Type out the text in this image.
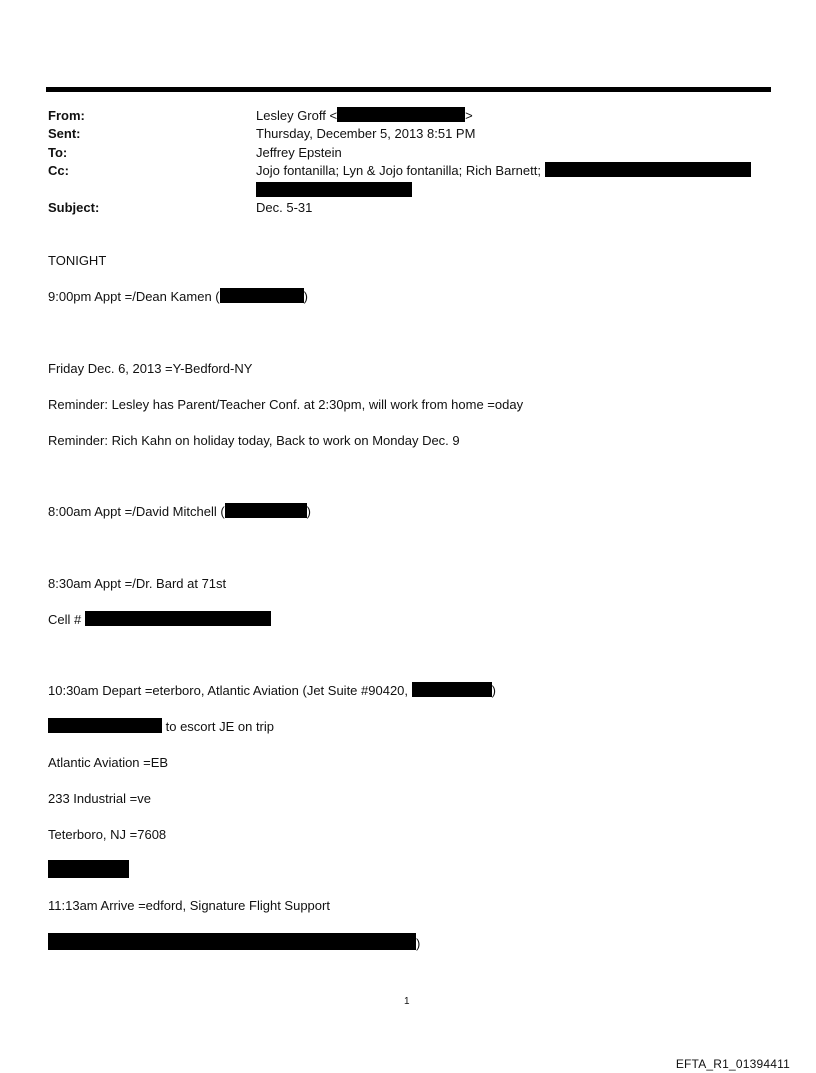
From:	Lesley Groff <	>
Sent:	Thursday, December 5, 2013 8:51 PM
To:	Jeffrey Epstein
Cc:	Jojo fontanilla; Lyn & Jojo fontanilla; Rich Barnett;
Subject:	Dec. 5-31
TONIGHT
9:00pm Appt =/Dean Kamen (	)
Friday Dec. 6, 2013 =Y-Bedford-NY
Reminder: Lesley has Parent/Teacher Conf. at 2:30pm, will work from home =oday
Reminder: Rich Kahn on holiday today, Back to work on Monday Dec. 9
8:00am Appt =/David Mitchell (	)
8:30am Appt =/Dr. Bard at 71st
Cell #
10:30am Depart =eterboro, Atlantic Aviation (Jet Suite #90420,	)
to escort JE on trip
Atlantic Aviation =EB
233 Industrial =ve
Teterboro, NJ =7608
11:13am Arrive =edford, Signature Flight Support
)
1
EFTA_R1_01394411
